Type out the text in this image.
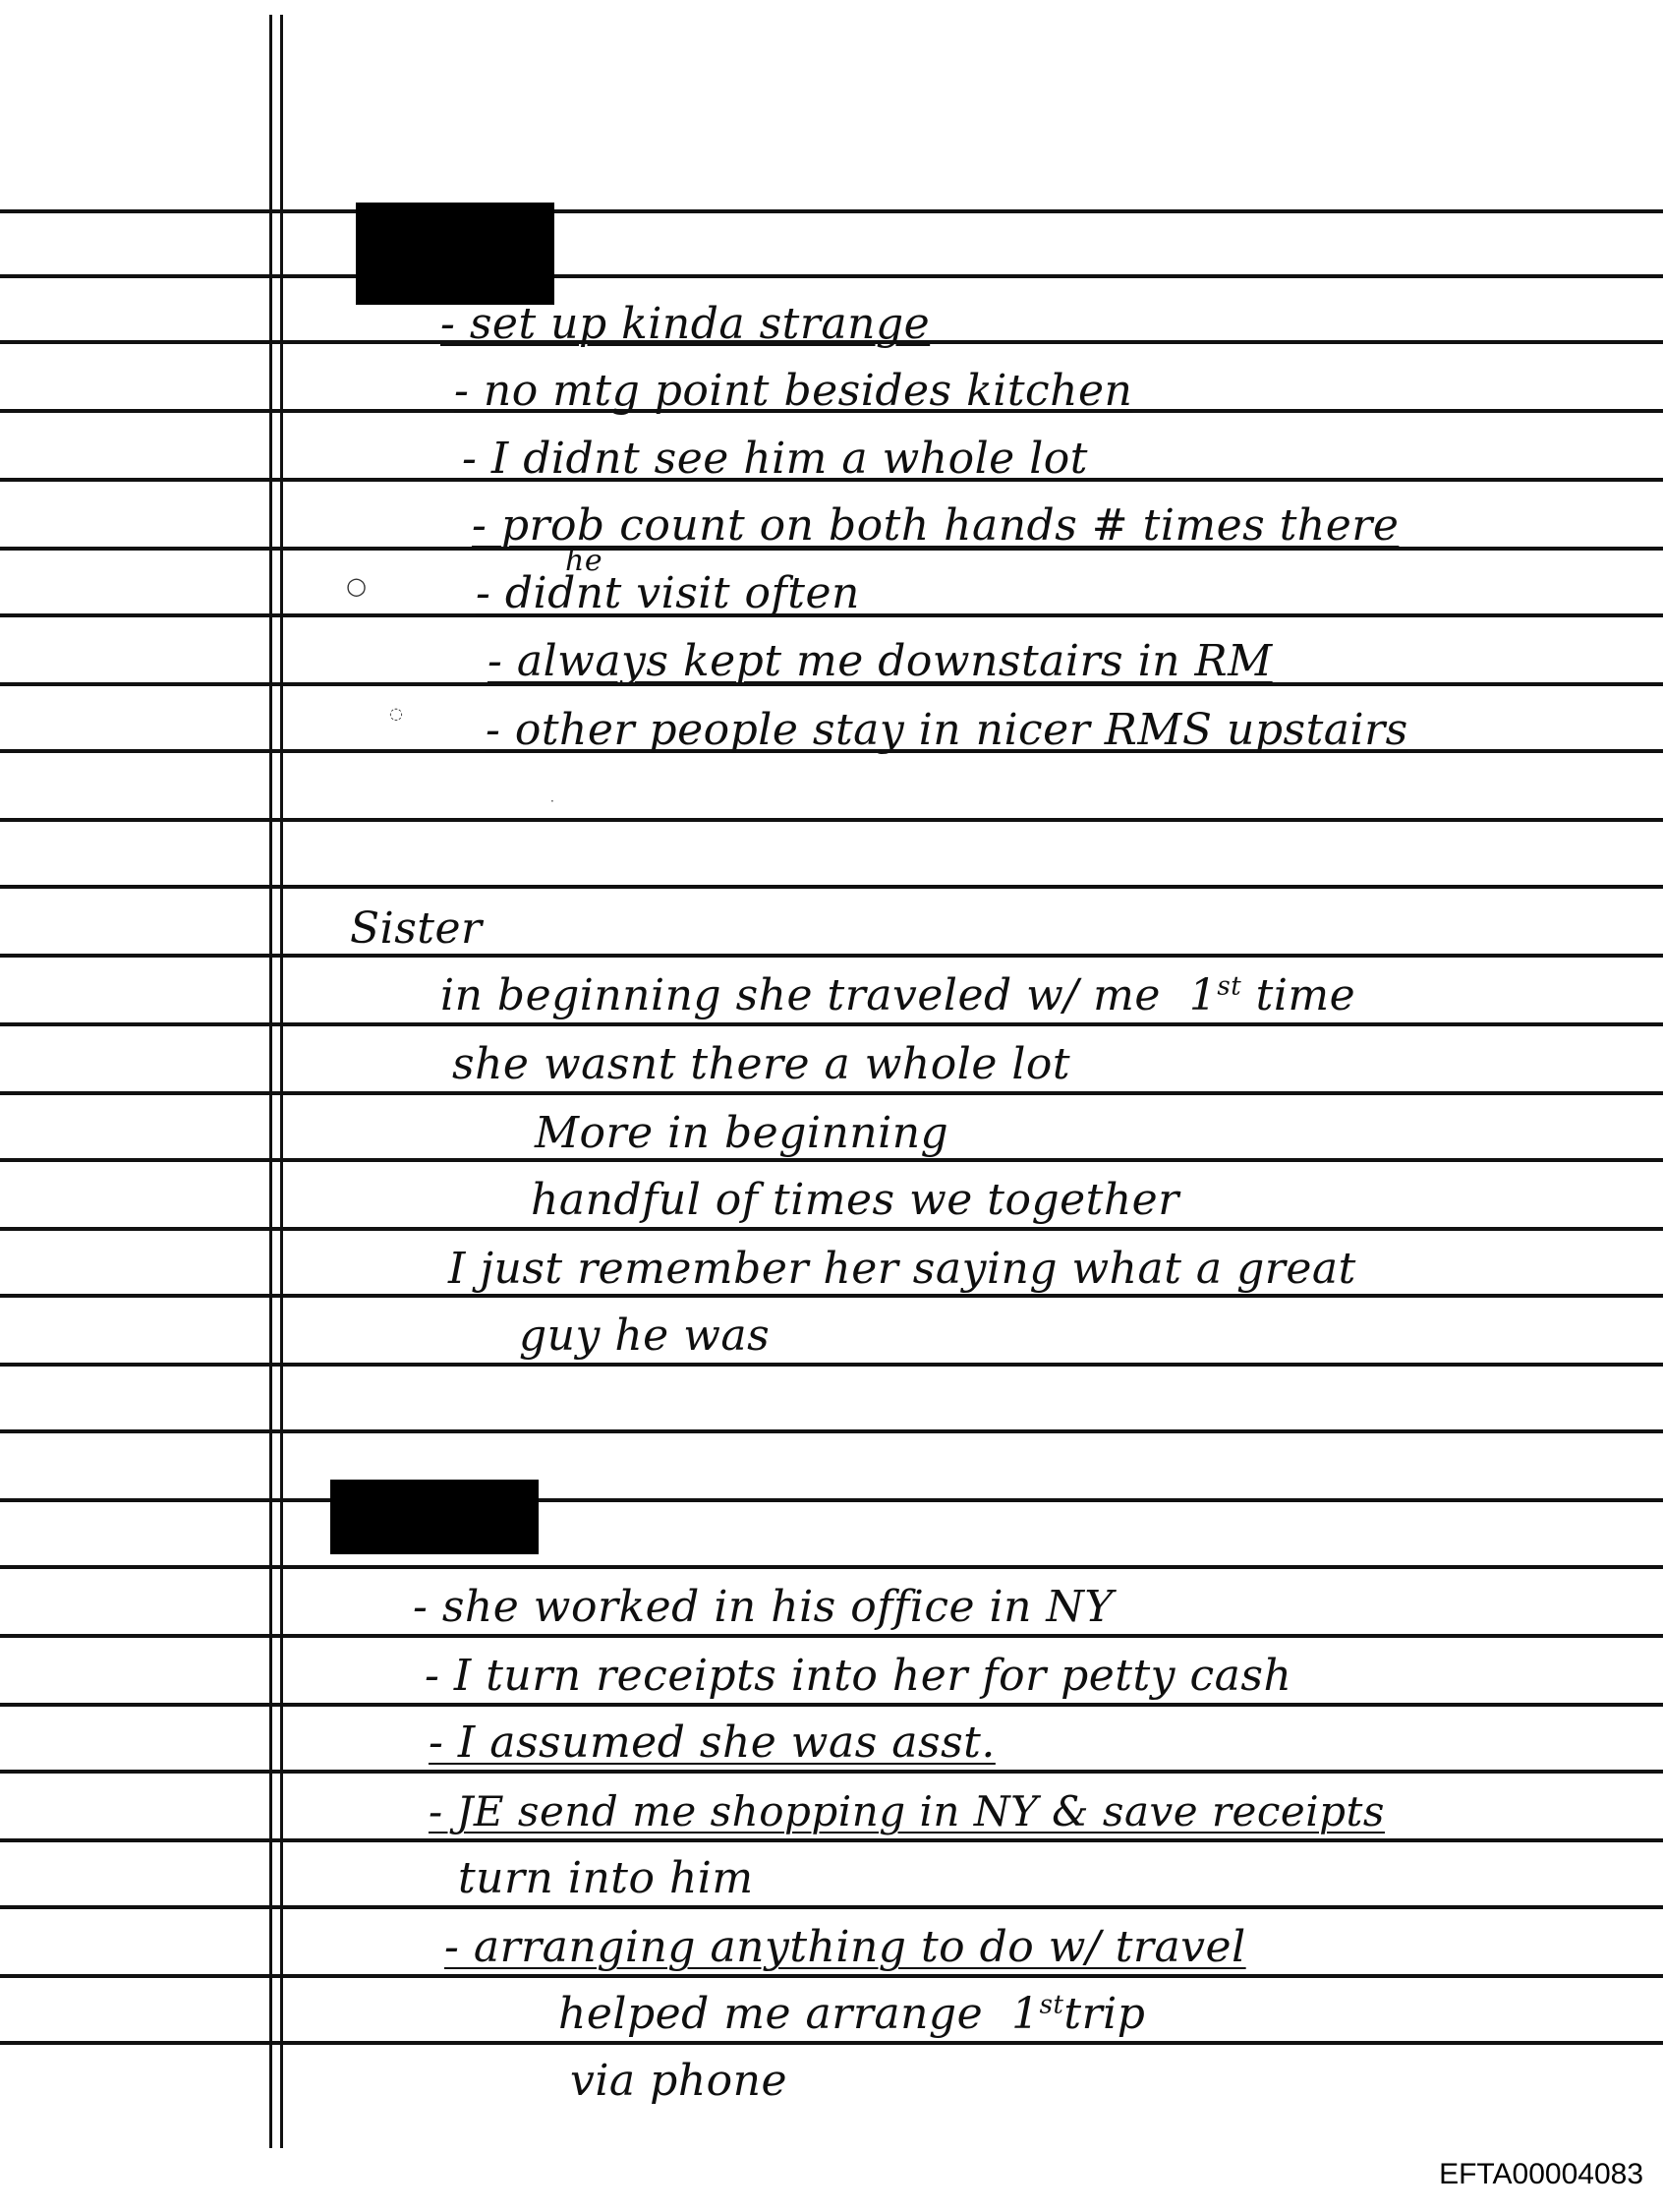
○
◌
·

- set up kinda strange

- no mtg point besides kitchen

- I didnt see him a whole lot

- prob count on both hands # times there

he

- didnt visit often

- always kept me downstairs in RM

- other people stay in nicer RMS upstairs

Sister

in beginning she traveled w/ me 1st time

she wasnt there a whole lot

More in beginning

handful of times we together

I just remember her saying what a great

guy he was

- she worked in his office in NY

- I turn receipts into her for petty cash

- I assumed she was asst.

- JE send me shopping in NY & save receipts

turn into him

- arranging anything to do w/ travel

helped me arrange 1sttrip

via phone

EFTA00004083
